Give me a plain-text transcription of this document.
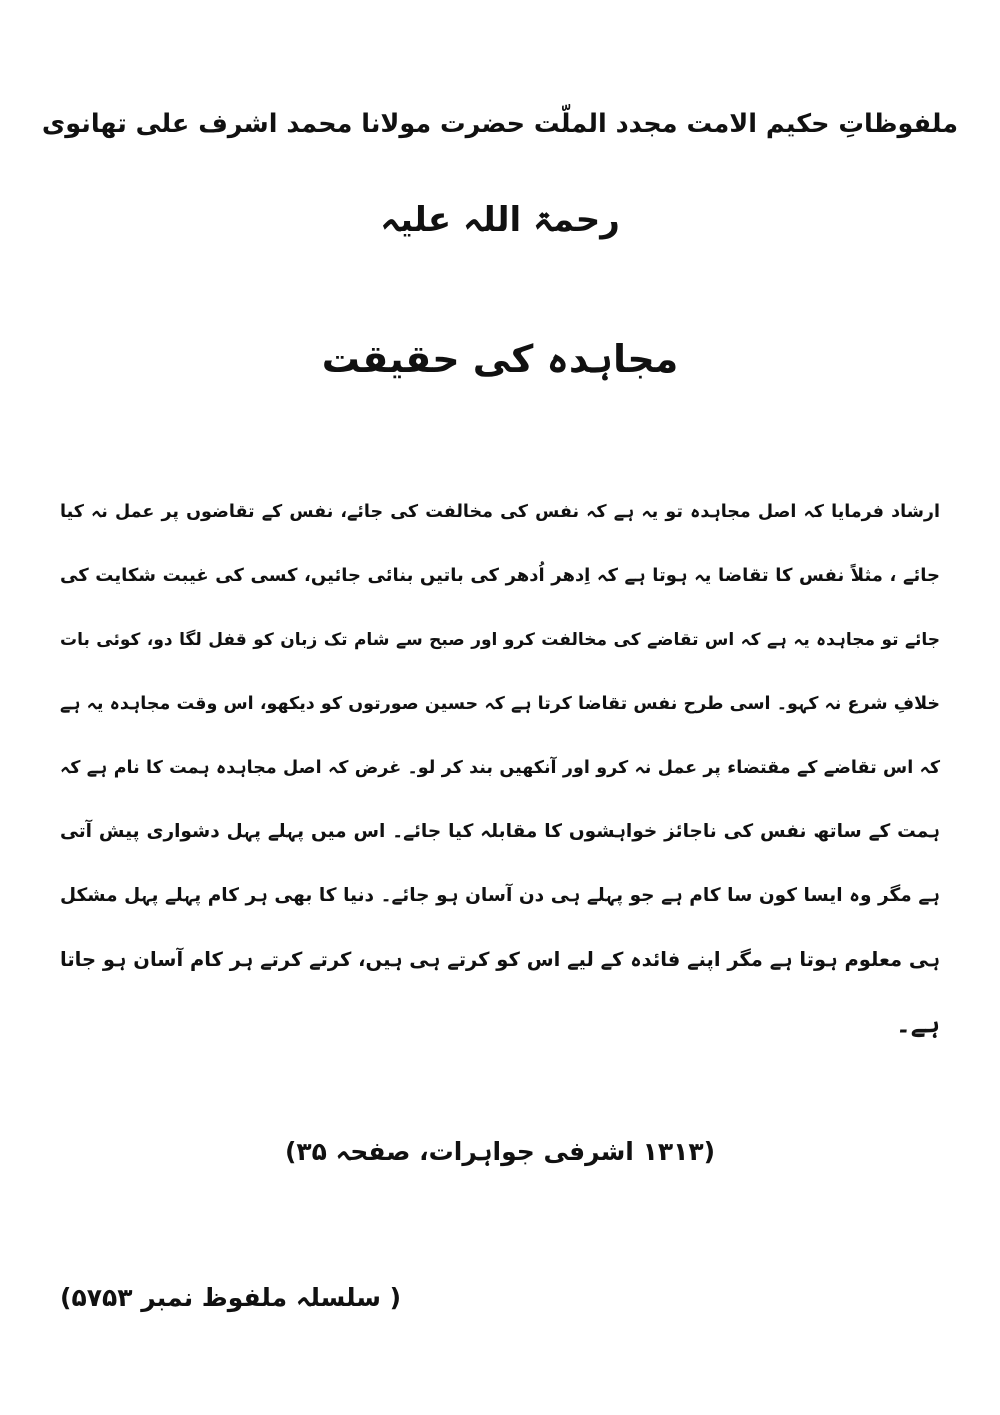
ملفوظاتِ حکیم الامت مجدد الملّت حضرت مولانا محمد اشرف علی تھانوی
رحمۃ اللہ علیہ
مجاہدہ کی حقیقت
ارشاد فرمایا کہ اصل مجاہدہ تو یہ ہے کہ نفس کی مخالفت کی جائے، نفس کے تقاضوں پر عمل نہ کیا
جائے ، مثلاً نفس کا تقاضا یہ ہوتا ہے کہ اِدھر اُدھر کی باتیں بنائی جائیں، کسی کی غیبت شکایت کی
جائے تو مجاہدہ یہ ہے کہ اس تقاضے کی مخالفت کرو اور صبح سے شام تک زبان کو قفل لگا دو، کوئی بات
خلافِ شرع نہ کہو۔ اسی طرح نفس تقاضا کرتا ہے کہ حسین صورتوں کو دیکھو، اس وقت مجاہدہ یہ ہے
کہ اس تقاضے کے مقتضاء پر عمل نہ کرو اور آنکھیں بند کر لو۔ غرض کہ اصل مجاہدہ ہمت کا نام ہے کہ
ہمت کے ساتھ نفس کی ناجائز خواہشوں کا مقابلہ کیا جائے۔ اس میں پہلے پہل دشواری پیش آتی
ہے مگر وہ ایسا کون سا کام ہے جو پہلے ہی دن آسان ہو جائے۔ دنیا کا بھی ہر کام پہلے پہل مشکل
ہی معلوم ہوتا ہے مگر اپنے فائدہ کے لیے اس کو کرتے ہی ہیں، کرتے کرتے ہر کام آسان ہو جاتا
ہے۔
(۱۳۱۳ اشرفی جواہرات، صفحہ ۳۵)
( سلسلہ ملفوظ نمبر ۵۷۵۳)
